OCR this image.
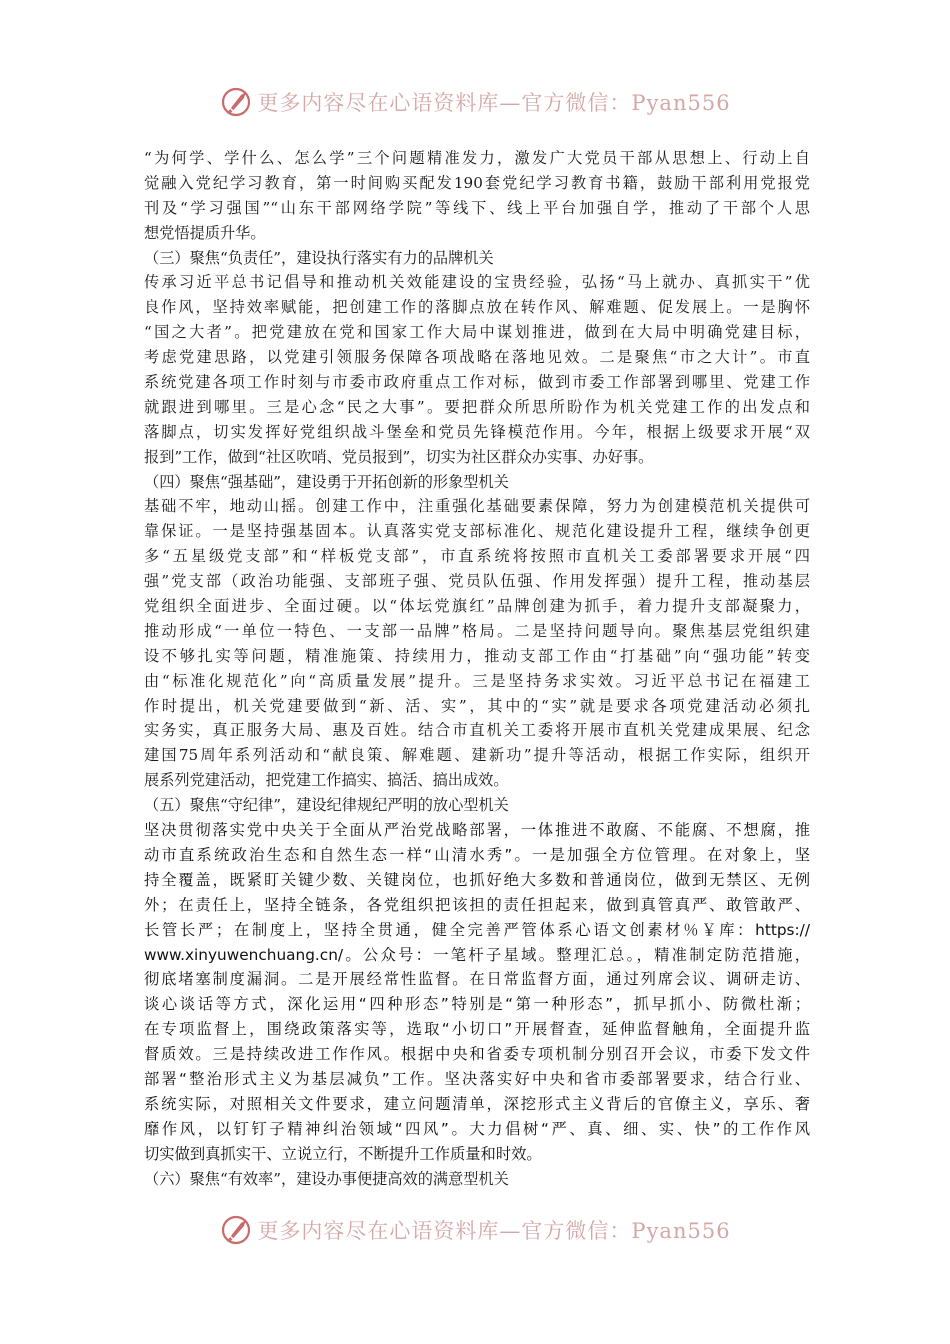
更多内容尽在心语资料库—官方微信：Pyan556
“为何学、学什么、怎么学”三个问题精准发力，激发广大党员干部从思想上、行动上自
觉融入党纪学习教育，第一时间购买配发190套党纪学习教育书籍，鼓励干部利用党报党
刊及“学习强国”“山东干部网络学院”等线下、线上平台加强自学，推动了干部个人思
想党悟提质升华。
（三）聚焦“负责任”，建设执行落实有力的品牌机关
传承习近平总书记倡导和推动机关效能建设的宝贵经验，弘扬“马上就办、真抓实干”优
良作风，坚持效率赋能，把创建工作的落脚点放在转作风、解难题、促发展上。一是胸怀
“国之大者”。把党建放在党和国家工作大局中谋划推进，做到在大局中明确党建目标，
考虑党建思路，以党建引领服务保障各项战略在落地见效。二是聚焦“市之大计”。市直
系统党建各项工作时刻与市委市政府重点工作对标，做到市委工作部署到哪里、党建工作
就跟进到哪里。三是心念“民之大事”。要把群众所思所盼作为机关党建工作的出发点和
落脚点，切实发挥好党组织战斗堡垒和党员先锋模范作用。今年，根据上级要求开展“双
报到”工作，做到“社区吹哨、党员报到”，切实为社区群众办实事、办好事。
（四）聚焦“强基础”，建设勇于开拓创新的形象型机关
基础不牢，地动山摇。创建工作中，注重强化基础要素保障，努力为创建模范机关提供可
靠保证。一是坚持强基固本。认真落实党支部标准化、规范化建设提升工程，继续争创更
多“五星级党支部”和“样板党支部”，市直系统将按照市直机关工委部署要求开展“四
强”党支部（政治功能强、支部班子强、党员队伍强、作用发挥强）提升工程，推动基层
党组织全面进步、全面过硬。以“体坛党旗红”品牌创建为抓手，着力提升支部凝聚力，
推动形成“一单位一特色、一支部一品牌”格局。二是坚持问题导向。聚焦基层党组织建
设不够扎实等问题，精准施策、持续用力，推动支部工作由“打基础”向“强功能”转变
由“标准化规范化”向“高质量发展”提升。三是坚持务求实效。习近平总书记在福建工
作时提出，机关党建要做到“新、活、实”，其中的“实”就是要求各项党建活动必须扎
实务实，真正服务大局、惠及百姓。结合市直机关工委将开展市直机关党建成果展、纪念
建国75周年系列活动和“献良策、解难题、建新功”提升等活动，根据工作实际，组织开
展系列党建活动，把党建工作搞实、搞活、搞出成效。
（五）聚焦“守纪律”，建设纪律规纪严明的放心型机关
坚决贯彻落实党中央关于全面从严治党战略部署，一体推进不敢腐、不能腐、不想腐，推
动市直系统政治生态和自然生态一样“山清水秀”。一是加强全方位管理。在对象上，坚
持全覆盖，既紧盯关键少数、关键岗位，也抓好绝大多数和普通岗位，做到无禁区、无例
外；在责任上，坚持全链条，各党组织把该担的责任担起来，做到真管真严、敢管敢严、
长管长严；在制度上，坚持全贯通，健全完善严管体系心语文创素材％￥库：https://
www.xinyuwenchuang.cn/。公众号：一笔杆子星域。整理汇总。，精准制定防范措施，
彻底堵塞制度漏洞。二是开展经常性监督。在日常监督方面，通过列席会议、调研走访、
谈心谈话等方式，深化运用“四种形态”特别是“第一种形态”，抓早抓小、防微杜渐；
在专项监督上，围绕政策落实等，选取“小切口”开展督查，延伸监督触角，全面提升监
督质效。三是持续改进工作作风。根据中央和省委专项机制分别召开会议，市委下发文件
部署“整治形式主义为基层减负”工作。坚决落实好中央和省市委部署要求，结合行业、
系统实际，对照相关文件要求，建立问题清单，深挖形式主义背后的官僚主义，享乐、奢
靡作风，以钉钉子精神纠治领域“四风”。大力倡树“严、真、细、实、快”的工作作风
切实做到真抓实干、立说立行，不断提升工作质量和时效。
（六）聚焦“有效率”，建设办事便捷高效的满意型机关
更多内容尽在心语资料库—官方微信：Pyan556
